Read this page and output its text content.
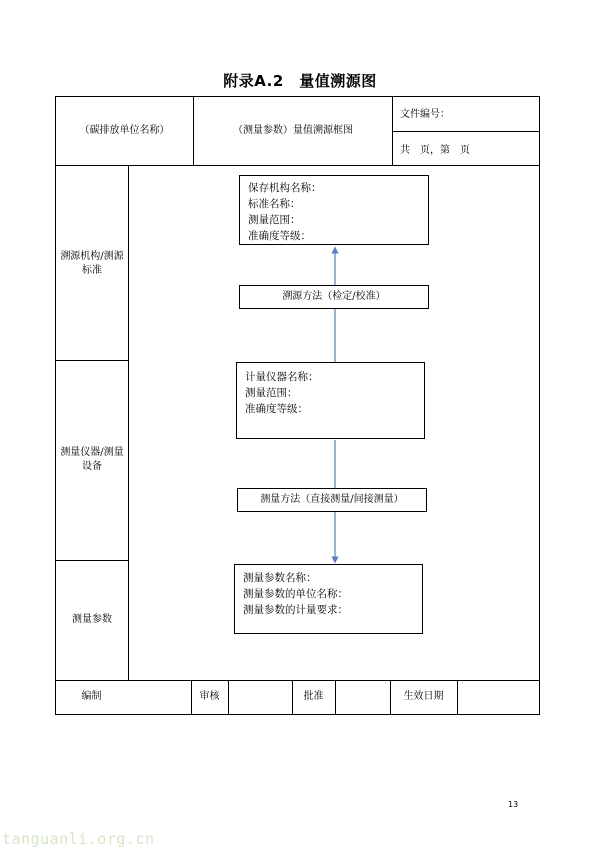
附录A.2　量值溯源图
（碳排放单位名称）	（测量参数）量值溯源框图
文件编号：
共　页，第　页
溯源机构/测源标准
测量仪器/测量设备
测量参数
保存机构名称：
标准名称：
测量范围：
准确度等级：
溯源方法（检定/校准）
计量仪器名称：
测量范围：
准确度等级：
测量方法（直接测量/间接测量）
测量参数名称：
测量参数的单位名称：
测量参数的计量要求：
编制	审核	批准	生效日期
13
tanguanli.org.cn
